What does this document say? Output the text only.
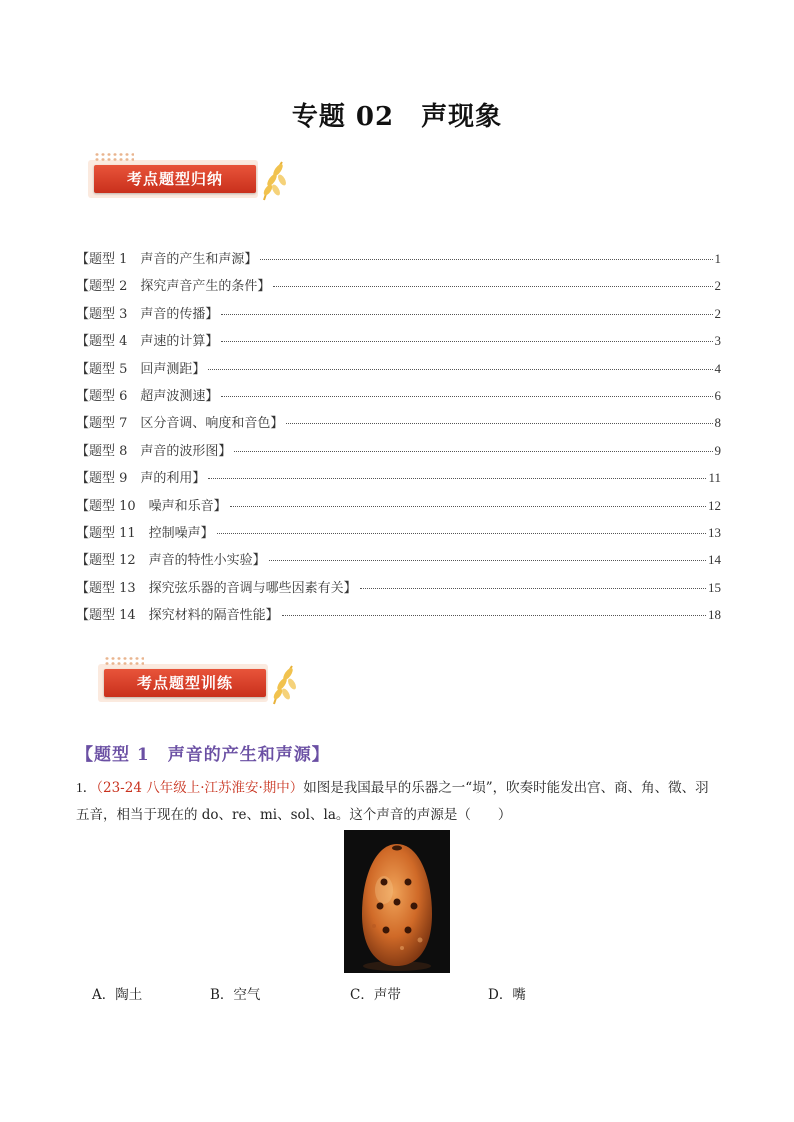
专题 02　声现象
考点题型归纳
【题型 1　声音的产生和声源】	1
【题型 2　探究声音产生的条件】	2
【题型 3　声音的传播】	2
【题型 4　声速的计算】	3
【题型 5　回声测距】	4
【题型 6　超声波测速】	6
【题型 7　区分音调、响度和音色】	8
【题型 8　声音的波形图】	9
【题型 9　声的利用】	11
【题型 10　噪声和乐音】	12
【题型 11　控制噪声】	13
【题型 12　声音的特性小实验】	14
【题型 13　探究弦乐器的音调与哪些因素有关】	15
【题型 14　探究材料的隔音性能】	18
考点题型训练
【题型 1　声音的产生和声源】
1．（23-24 八年级上·江苏淮安·期中）如图是我国最早的乐器之一“埙”，吹奏时能发出宫、商、角、徵、羽
五音，相当于现在的 do、re、mi、sol、la。这个声音的声源是（　　）
A．陶土	B．空气	C．声带	D．嘴
